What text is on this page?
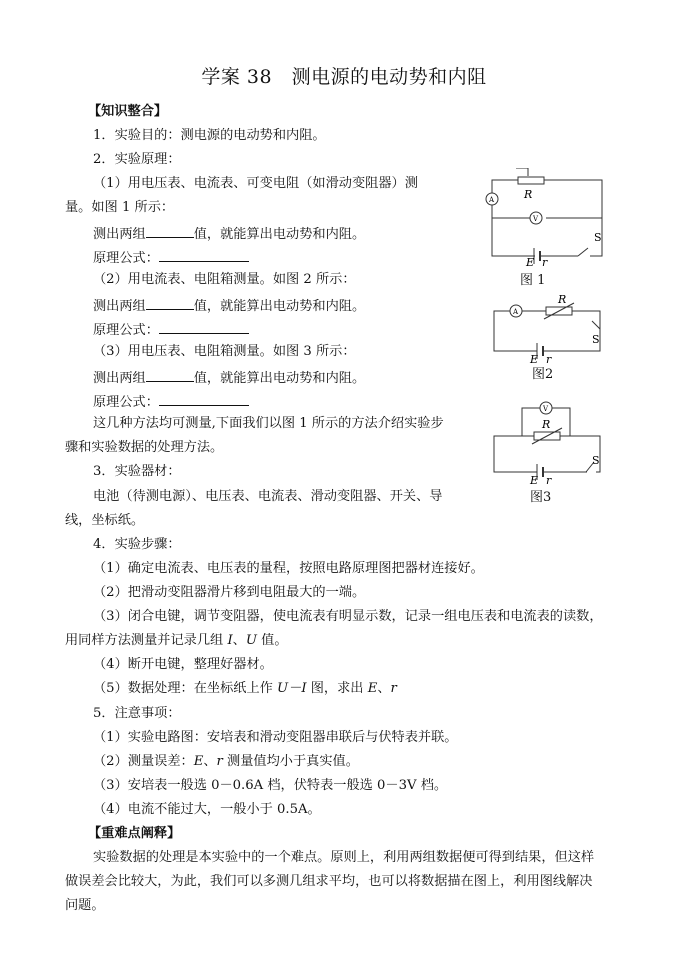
学案 38　测电源的电动势和内阻
【知识整合】
1．实验目的：测电源的电动势和内阻。
2．实验原理：
（1）用电压表、电流表、可变电阻（如滑动变阻器）测
量。如图 1 所示：
测出两组	值，就能算出电动势和内阻。
原理公式：
（2）用电流表、电阻箱测量。如图 2 所示：
测出两组	值，就能算出电动势和内阻。
原理公式：
（3）用电压表、电阻箱测量。如图 3 所示：
测出两组	值，就能算出电动势和内阻。
原理公式：
这几种方法均可测量,下面我们以图 1 所示的方法介绍实验步
骤和实验数据的处理方法。
3．实验器材：
电池（待测电源）、电压表、电流表、滑动变阻器、开关、导
线，坐标纸。
4．实验步骤：
（1）确定电流表、电压表的量程，按照电路原理图把器材连接好。
（2）把滑动变阻器滑片移到电阻最大的一端。
（3）闭合电键，调节变阻器，使电流表有明显示数，记录一组电压表和电流表的读数，
用同样方法测量并记录几组 I、U 值。
（4）断开电键，整理好器材。
（5）数据处理：在坐标纸上作 U－I 图，求出 E、r
5．注意事项：
（1）实验电路图：安培表和滑动变阻器串联后与伏特表并联。
（2）测量误差：E、r 测量值均小于真实值。
（3）安培表一般选 0－0.6A 档，伏特表一般选 0－3V 档。
（4）电流不能过大，一般小于 0.5A。
【重难点阐释】
实验数据的处理是本实验中的一个难点。原则上，利用两组数据便可得到结果，但这样
做误差会比较大，为此，我们可以多测几组求平均，也可以将数据描在图上，利用图线解决
问题。
A
V
R
E r
S
图 1
A
R
E r
S
图2
V
R
E r
S
图3
